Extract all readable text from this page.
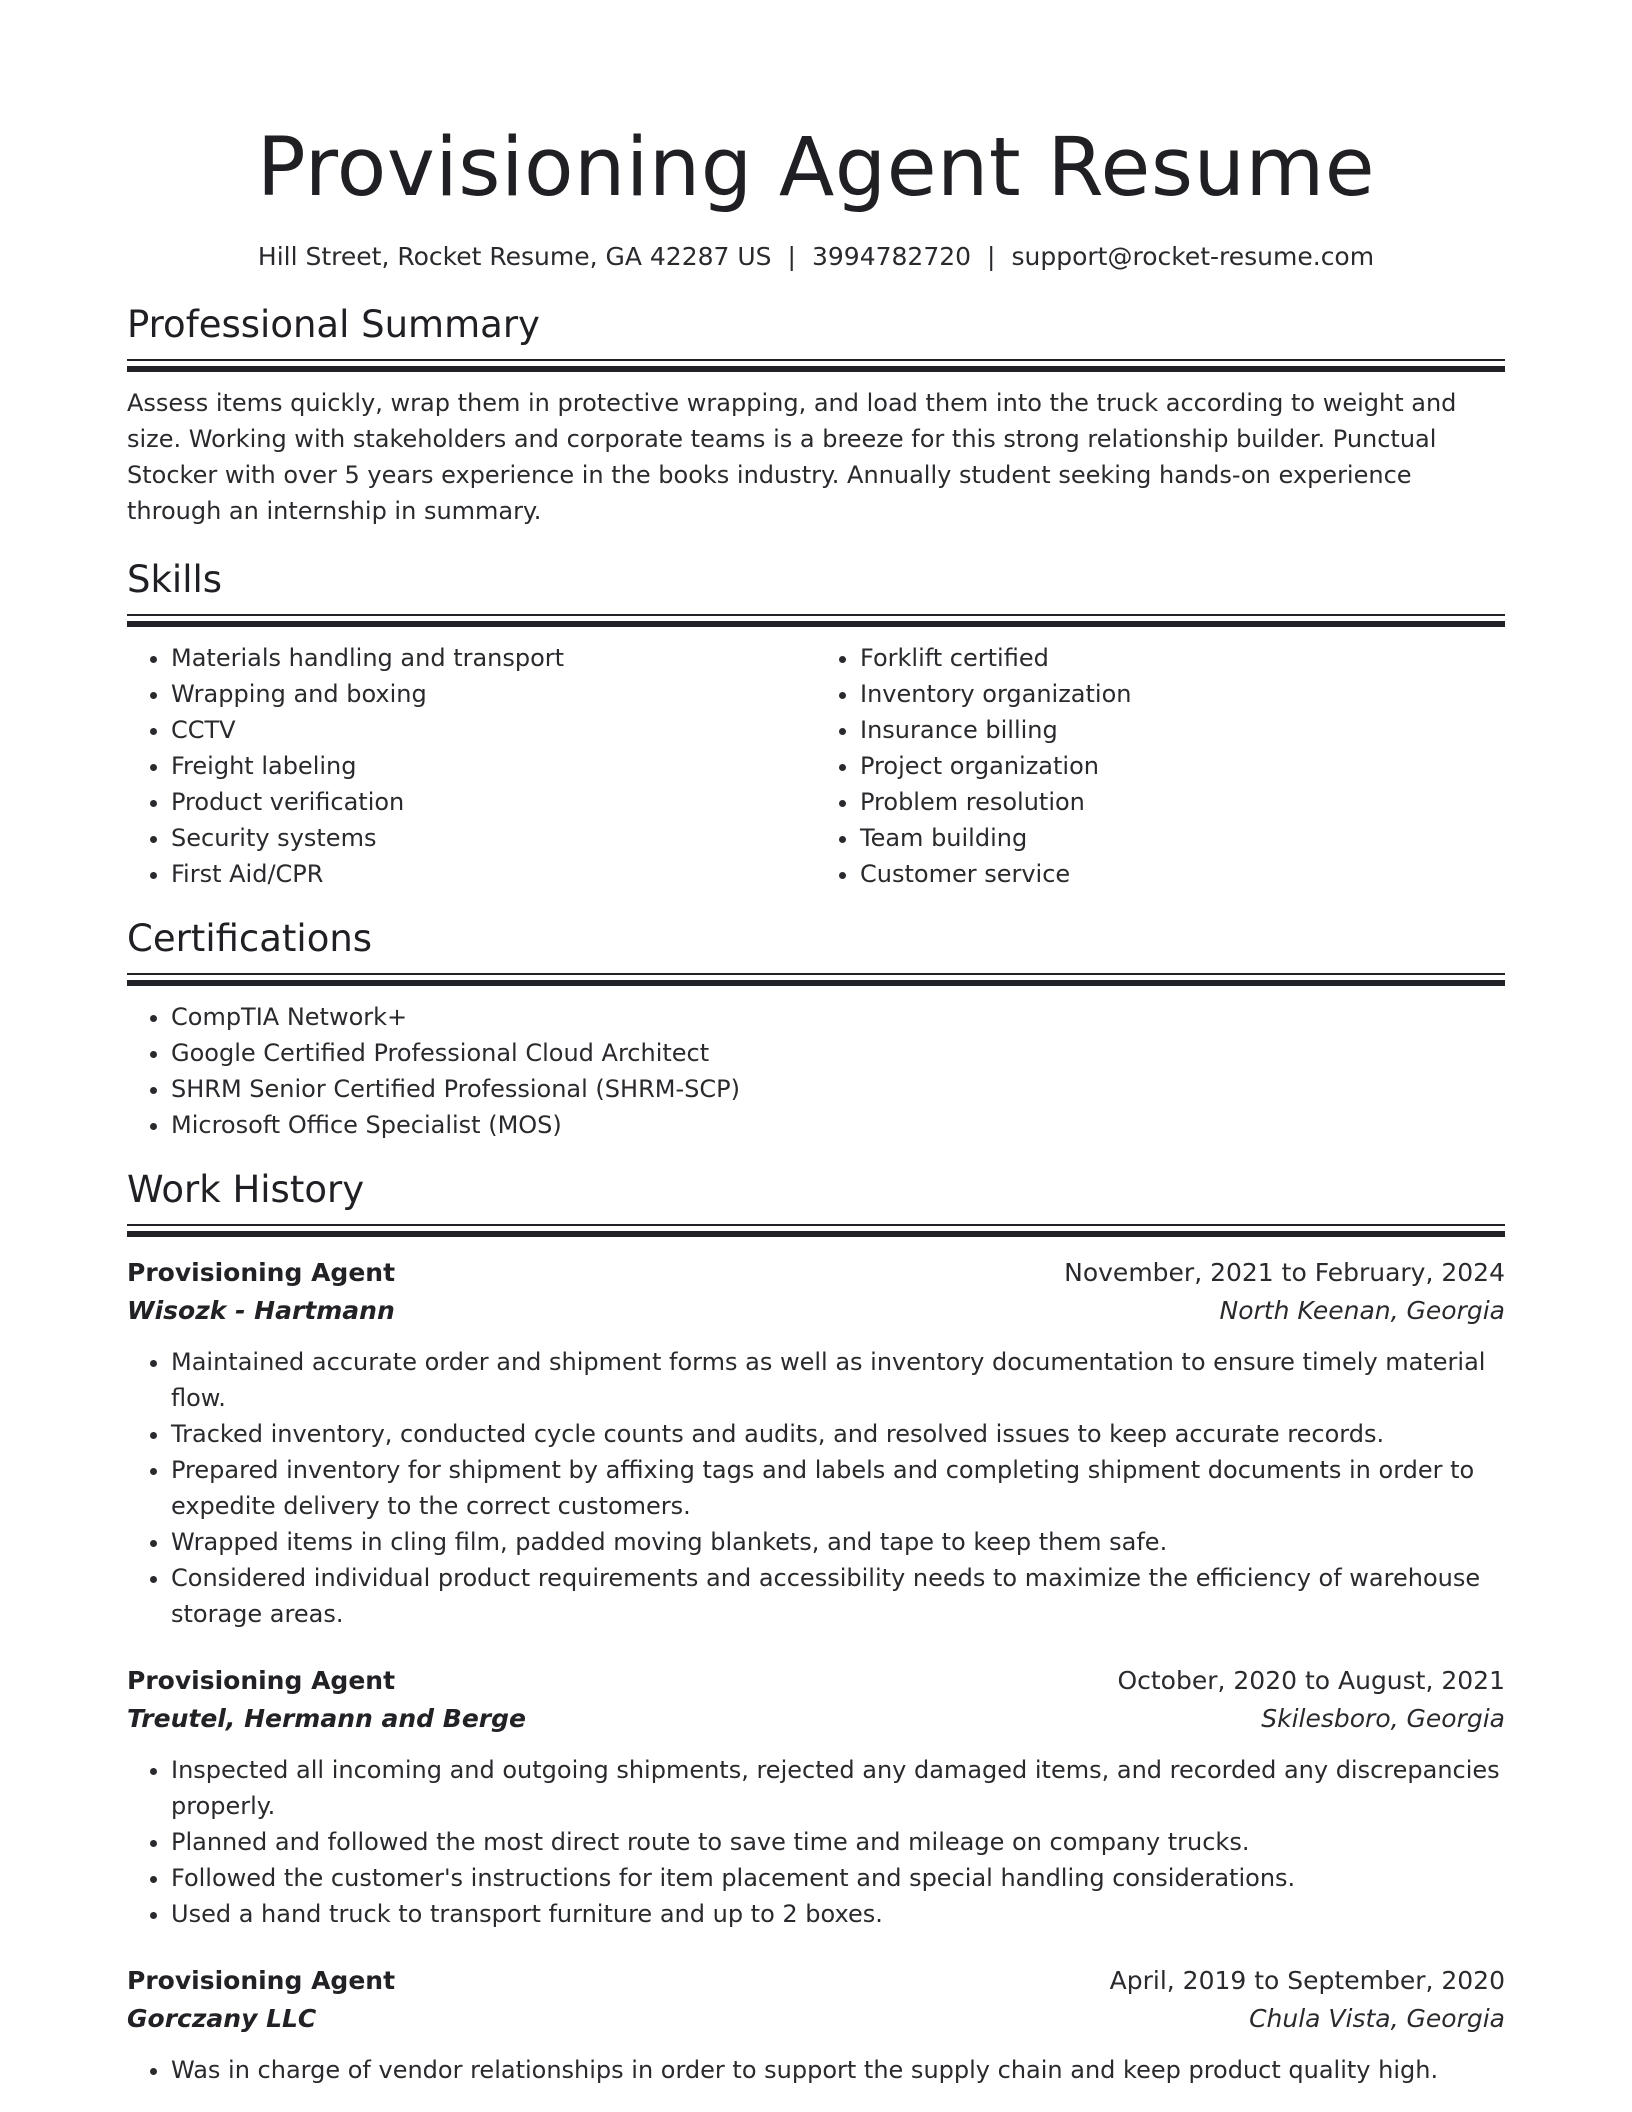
Provisioning Agent Resume
Hill Street, Rocket Resume, GA 42287 US | 3994782720 | support@rocket-resume.com
Professional Summary
Assess items quickly, wrap them in protective wrapping, and load them into the truck according to weight and size. Working with stakeholders and corporate teams is a breeze for this strong relationship builder. Punctual Stocker with over 5 years experience in the books industry. Annually student seeking hands-on experience through an internship in summary.
Skills
• Materials handling and transport
• Wrapping and boxing
• CCTV
• Freight labeling
• Product verification
• Security systems
• First Aid/CPR
• Forklift certified
• Inventory organization
• Insurance billing
• Project organization
• Problem resolution
• Team building
• Customer service
Certifications
• CompTIA Network+
• Google Certified Professional Cloud Architect
• SHRM Senior Certified Professional (SHRM-SCP)
• Microsoft Office Specialist (MOS)
Work History
Provisioning Agent	November, 2021 to February, 2024
Wisozk - Hartmann	North Keenan, Georgia
• Maintained accurate order and shipment forms as well as inventory documentation to ensure timely material flow.
• Tracked inventory, conducted cycle counts and audits, and resolved issues to keep accurate records.
• Prepared inventory for shipment by affixing tags and labels and completing shipment documents in order to expedite delivery to the correct customers.
• Wrapped items in cling film, padded moving blankets, and tape to keep them safe.
• Considered individual product requirements and accessibility needs to maximize the efficiency of warehouse storage areas.
Provisioning Agent	October, 2020 to August, 2021
Treutel, Hermann and Berge	Skilesboro, Georgia
• Inspected all incoming and outgoing shipments, rejected any damaged items, and recorded any discrepancies properly.
• Planned and followed the most direct route to save time and mileage on company trucks.
• Followed the customer's instructions for item placement and special handling considerations.
• Used a hand truck to transport furniture and up to 2 boxes.
Provisioning Agent	April, 2019 to September, 2020
Gorczany LLC	Chula Vista, Georgia
• Was in charge of vendor relationships in order to support the supply chain and keep product quality high.
